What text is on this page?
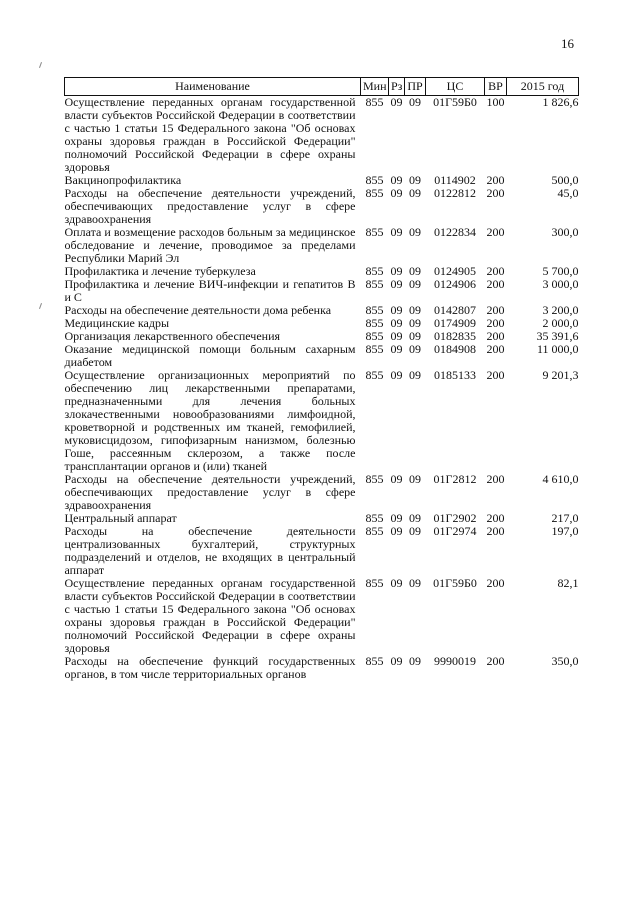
16
Наименование	Мин	Рз	ПР	ЦС	ВР	2015 год
Осуществление переданных органам государственной власти субъектов Российской Федерации в соответствии с частью 1 статьи 15 Федерального закона "Об основах охраны здоровья граждан в Российской Федерации" полномочий Российской Федерации в сфере охраны здоровья	855	09	09	01Г59Б0	100	1 826,6
Вакцинопрофилактика	855	09	09	0114902	200	500,0
Расходы на обеспечение деятельности учреждений, обеспечивающих предоставление услуг в сфере здравоохранения	855	09	09	0122812	200	45,0
Оплата и возмещение расходов больным за медицинское обследование и лечение, проводимое за пределами Республики Марий Эл	855	09	09	0122834	200	300,0
Профилактика и лечение туберкулеза	855	09	09	0124905	200	5 700,0
Профилактика и лечение ВИЧ-инфекции и гепатитов В и С	855	09	09	0124906	200	3 000,0
Расходы на обеспечение деятельности дома ребенка	855	09	09	0142807	200	3 200,0
Медицинские кадры	855	09	09	0174909	200	2 000,0
Организация лекарственного обеспечения	855	09	09	0182835	200	35 391,6
Оказание медицинской помощи больным сахарным диабетом	855	09	09	0184908	200	11 000,0
Осуществление организационных мероприятий по обеспечению лиц лекарственными препаратами, предназначенными для лечения больных злокачественными новообразованиями лимфоидной, кроветворной и родственных им тканей, гемофилией, муковисцидозом, гипофизарным нанизмом, болезнью Гоше, рассеянным склерозом, а также после трансплантации органов и (или) тканей	855	09	09	0185133	200	9 201,3
Расходы на обеспечение деятельности учреждений, обеспечивающих предоставление услуг в сфере здравоохранения	855	09	09	01Г2812	200	4 610,0
Центральный аппарат	855	09	09	01Г2902	200	217,0
Расходы на обеспечение деятельности централизованных бухгалтерий, структурных подразделений и отделов, не входящих в центральный аппарат	855	09	09	01Г2974	200	197,0
Осуществление переданных органам государственной власти субъектов Российской Федерации в соответствии с частью 1 статьи 15 Федерального закона "Об основах охраны здоровья граждан в Российской Федерации" полномочий Российской Федерации в сфере охраны здоровья	855	09	09	01Г59Б0	200	82,1
Расходы на обеспечение функций государственных органов, в том числе территориальных органов	855	09	09	9990019	200	350,0
